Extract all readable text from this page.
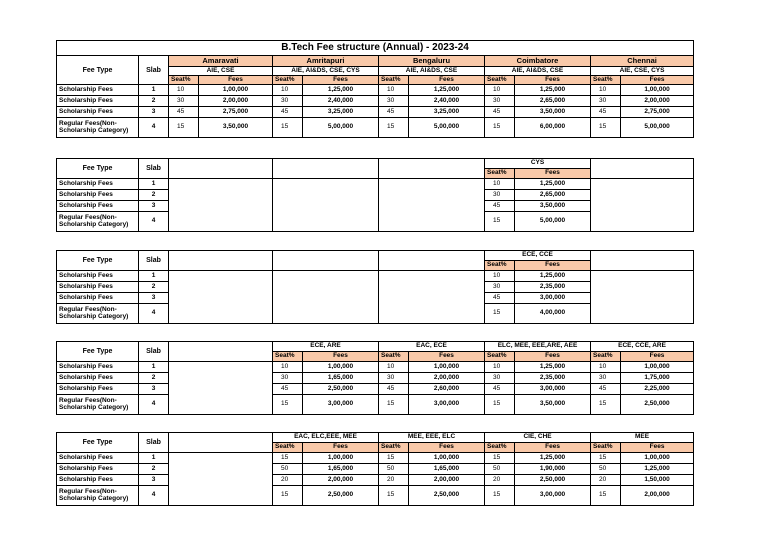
B.Tech Fee structure (Annual) - 2023-24											
Fee Type	Slab	Amaravati		Amritapuri		Bengaluru		Coimbatore		Chennai	
		AIE, CSE		AIE, AI&DS, CSE, CYS		AIE, AI&DS, CSE		AIE, AI&DS, CSE		AIE, CSE, CYS	
		Seat%	Fees	Seat%	Fees	Seat%	Fees	Seat%	Fees	Seat%	Fees
Scholarship Fees	1	10	1,00,000	10	1,25,000	10	1,25,000	10	1,25,000	10	1,00,000
Scholarship Fees	2	30	2,00,000	30	2,40,000	30	2,40,000	30	2,65,000	30	2,00,000
Scholarship Fees	3	45	2,75,000	45	3,25,000	45	3,25,000	45	3,50,000	45	2,75,000
Regular Fees(Non-Scholarship Category)	4	15	3,50,000	15	5,00,000	15	5,00,000	15	6,00,000	15	5,00,000
Fee Type	Slab				CYS		
					Seat%	Fees	
Scholarship Fees	1				10	1,25,000	
Scholarship Fees	2				30	2,65,000	
Scholarship Fees	3				45	3,50,000	
Regular Fees(Non-Scholarship Category)	4				15	5,00,000	
Fee Type	Slab				ECE, CCE		
					Seat%	Fees	
Scholarship Fees	1				10	1,25,000	
Scholarship Fees	2				30	2,35,000	
Scholarship Fees	3				45	3,00,000	
Regular Fees(Non-Scholarship Category)	4				15	4,00,000	
Fee Type	Slab		ECE, ARE		EAC, ECE		ELC, MEE, EEE,ARE, AEE		ECE, CCE, ARE	
			Seat%	Fees	Seat%	Fees	Seat%	Fees	Seat%	Fees
Scholarship Fees	1		10	1,00,000	10	1,00,000	10	1,25,000	10	1,00,000
Scholarship Fees	2		30	1,65,000	30	2,00,000	30	2,35,000	30	1,75,000
Scholarship Fees	3		45	2,50,000	45	2,60,000	45	3,00,000	45	2,25,000
Regular Fees(Non-Scholarship Category)	4		15	3,00,000	15	3,00,000	15	3,50,000	15	2,50,000
Fee Type	Slab		EAC, ELC,EEE, MEE		MEE, EEE, ELC		CIE, CHE		MEE	
			Seat%	Fees	Seat%	Fees	Seat%	Fees	Seat%	Fees
Scholarship Fees	1		15	1,00,000	15	1,00,000	15	1,25,000	15	1,00,000
Scholarship Fees	2		50	1,65,000	50	1,65,000	50	1,90,000	50	1,25,000
Scholarship Fees	3		20	2,00,000	20	2,00,000	20	2,50,000	20	1,50,000
Regular Fees(Non-Scholarship Category)	4		15	2,50,000	15	2,50,000	15	3,00,000	15	2,00,000
